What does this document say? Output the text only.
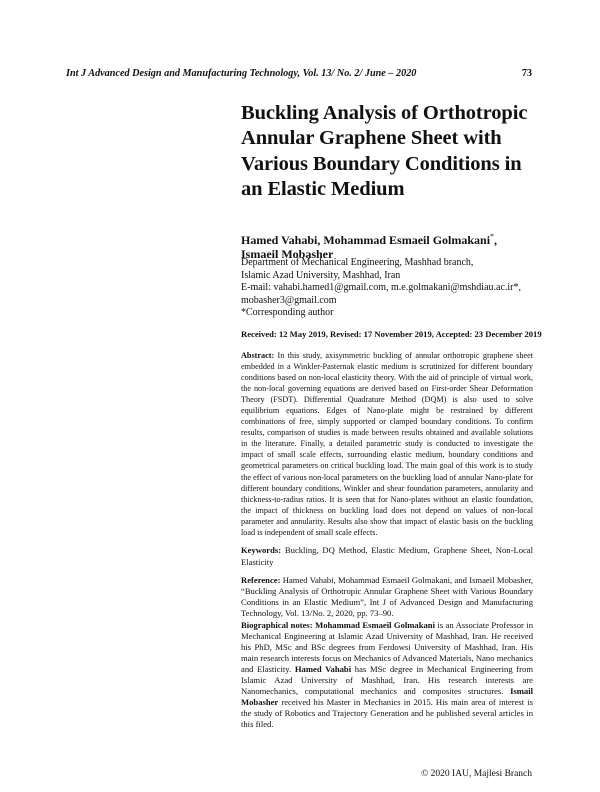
Int J Advanced Design and Manufacturing Technology, Vol. 13/ No. 2/ June – 2020	73
Buckling Analysis of Orthotropic Annular Graphene Sheet with Various Boundary Conditions in an Elastic Medium
Hamed Vahabi, Mohammad Esmaeil Golmakani*, Ismaeil Mobasher

Department of Mechanical Engineering, Mashhad branch,

Islamic Azad University, Mashhad, Iran

E-mail: vahabi.hamed1@gmail.com, m.e.golmakani@mshdiau.ac.ir*, mobasher3@gmail.com

*Corresponding author

Received: 12 May 2019, Revised: 17 November 2019, Accepted: 23 December 2019
Abstract: In this study, axisymmetric buckling of annular orthotropic graphene sheet embedded in a Winkler-Pasternak elastic medium is scrutinized for different boundary conditions based on non-local elasticity theory. With the aid of principle of virtual work, the non-local governing equations are derived based on First-order Shear Deformation Theory (FSDT). Differential Quadrature Method (DQM) is also used to solve equilibrium equations. Edges of Nano-plate might be restrained by different combinations of free, simply supported or clamped boundary conditions. To confirm results, comparison of studies is made between results obtained and available solutions in the literature. Finally, a detailed parametric study is conducted to investigate the impact of small scale effects, surrounding elastic medium, boundary conditions and geometrical parameters on critical buckling load. The main goal of this work is to study the effect of various non-local parameters on the buckling load of annular Nano-plate for different boundary conditions, Winkler and shear foundation parameters, annularity and thickness-to-radius ratios. It is seen that for Nano-plates without an elastic foundation, the impact of thickness on buckling load does not depend on values of non-local parameter and annularity. Results also show that impact of elastic basis on the buckling load is independent of small scale effects.
Keywords: Buckling, DQ Method, Elastic Medium, Graphene Sheet, Non-Local Elasticity
Reference: Hamed Vahabi, Mohammad Esmaeil Golmakani, and Ismaeil Mobasher, “Buckling Analysis of Orthotropic Annular Graphene Sheet with Various Boundary Conditions in an Elastic Medium”, Int J of Advanced Design and Manufacturing Technology, Vol. 13/No. 2, 2020, pp. 73–90.
Biographical notes: Mohammad Esmaeil Golmakani is an Associate Professor in Mechanical Engineering at Islamic Azad University of Mashhad, Iran. He received his PhD, MSc and BSc degrees from Ferdowsi University of Mashhad, Iran. His main research interests focus on Mechanics of Advanced Materials, Nano mechanics and Elasticity. Hamed Vahabi has MSc degree in Mechanical Engineering from Islamic Azad University of Mashhad, Iran. His research interests are Nanomechanics, computational mechanics and composites structures. Ismail Mobasher received his Master in Mechanics in 2015. His main area of interest is the study of Robotics and Trajectory Generation and he published several articles in this filed.
© 2020 IAU, Majlesi Branch
